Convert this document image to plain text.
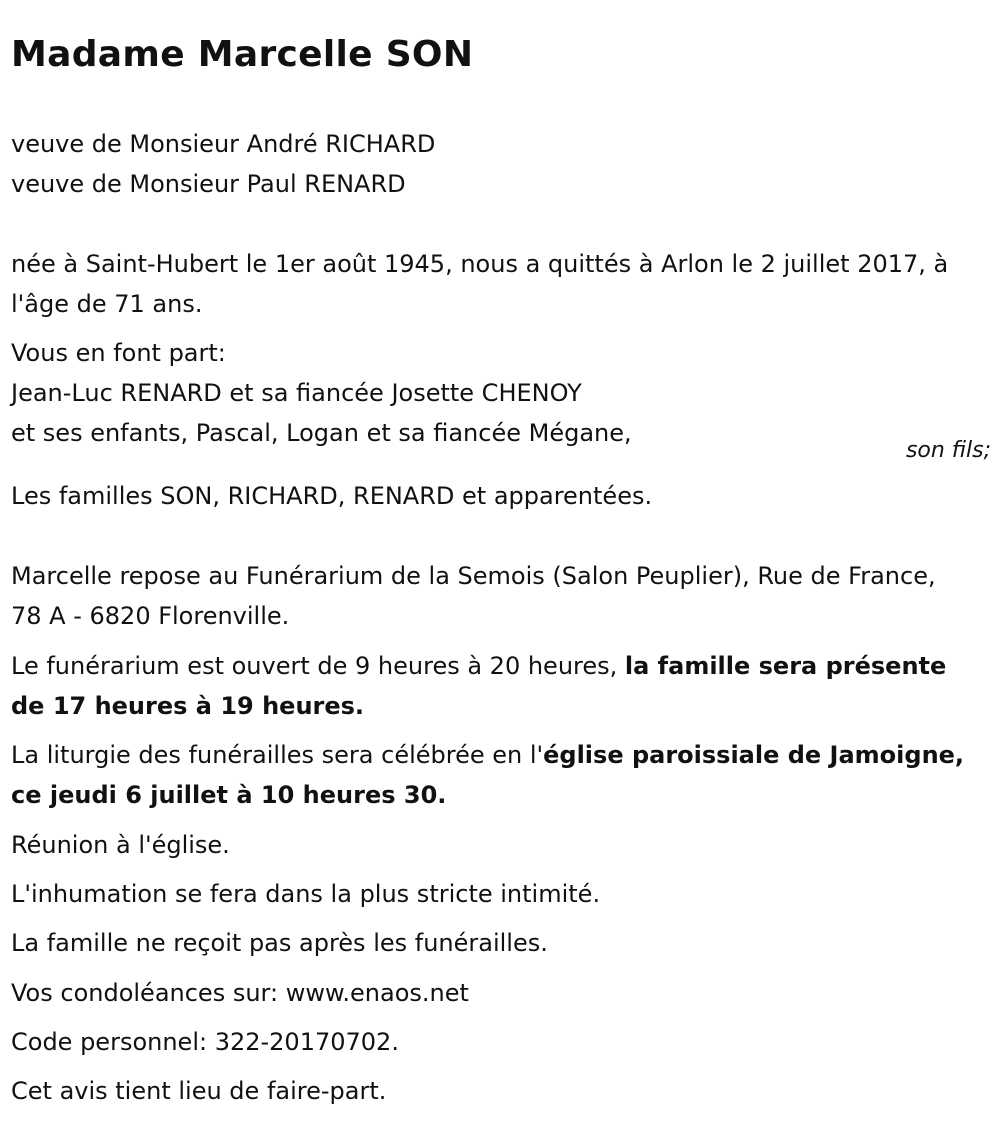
Madame Marcelle SON
veuve de Monsieur André RICHARD
veuve de Monsieur Paul RENARD
née à Saint-Hubert le 1er août 1945, nous a quittés à Arlon le 2 juillet 2017, à l'âge de 71 ans.
Vous en font part:
Jean-Luc RENARD et sa fiancée Josette CHENOY
et ses enfants, Pascal, Logan et sa fiancée Mégane,
son fils;
Les familles SON, RICHARD, RENARD et apparentées.
Marcelle repose au Funérarium de la Semois (Salon Peuplier), Rue de France, 78 A - 6820 Florenville.
Le funérarium est ouvert de 9 heures à 20 heures, la famille sera présente de 17 heures à 19 heures.
La liturgie des funérailles sera célébrée en l'église paroissiale de Jamoigne, ce jeudi 6 juillet à 10 heures 30.
Réunion à l'église.
L'inhumation se fera dans la plus stricte intimité.
La famille ne reçoit pas après les funérailles.
Vos condoléances sur: www.enaos.net
Code personnel: 322-20170702.
Cet avis tient lieu de faire-part.
